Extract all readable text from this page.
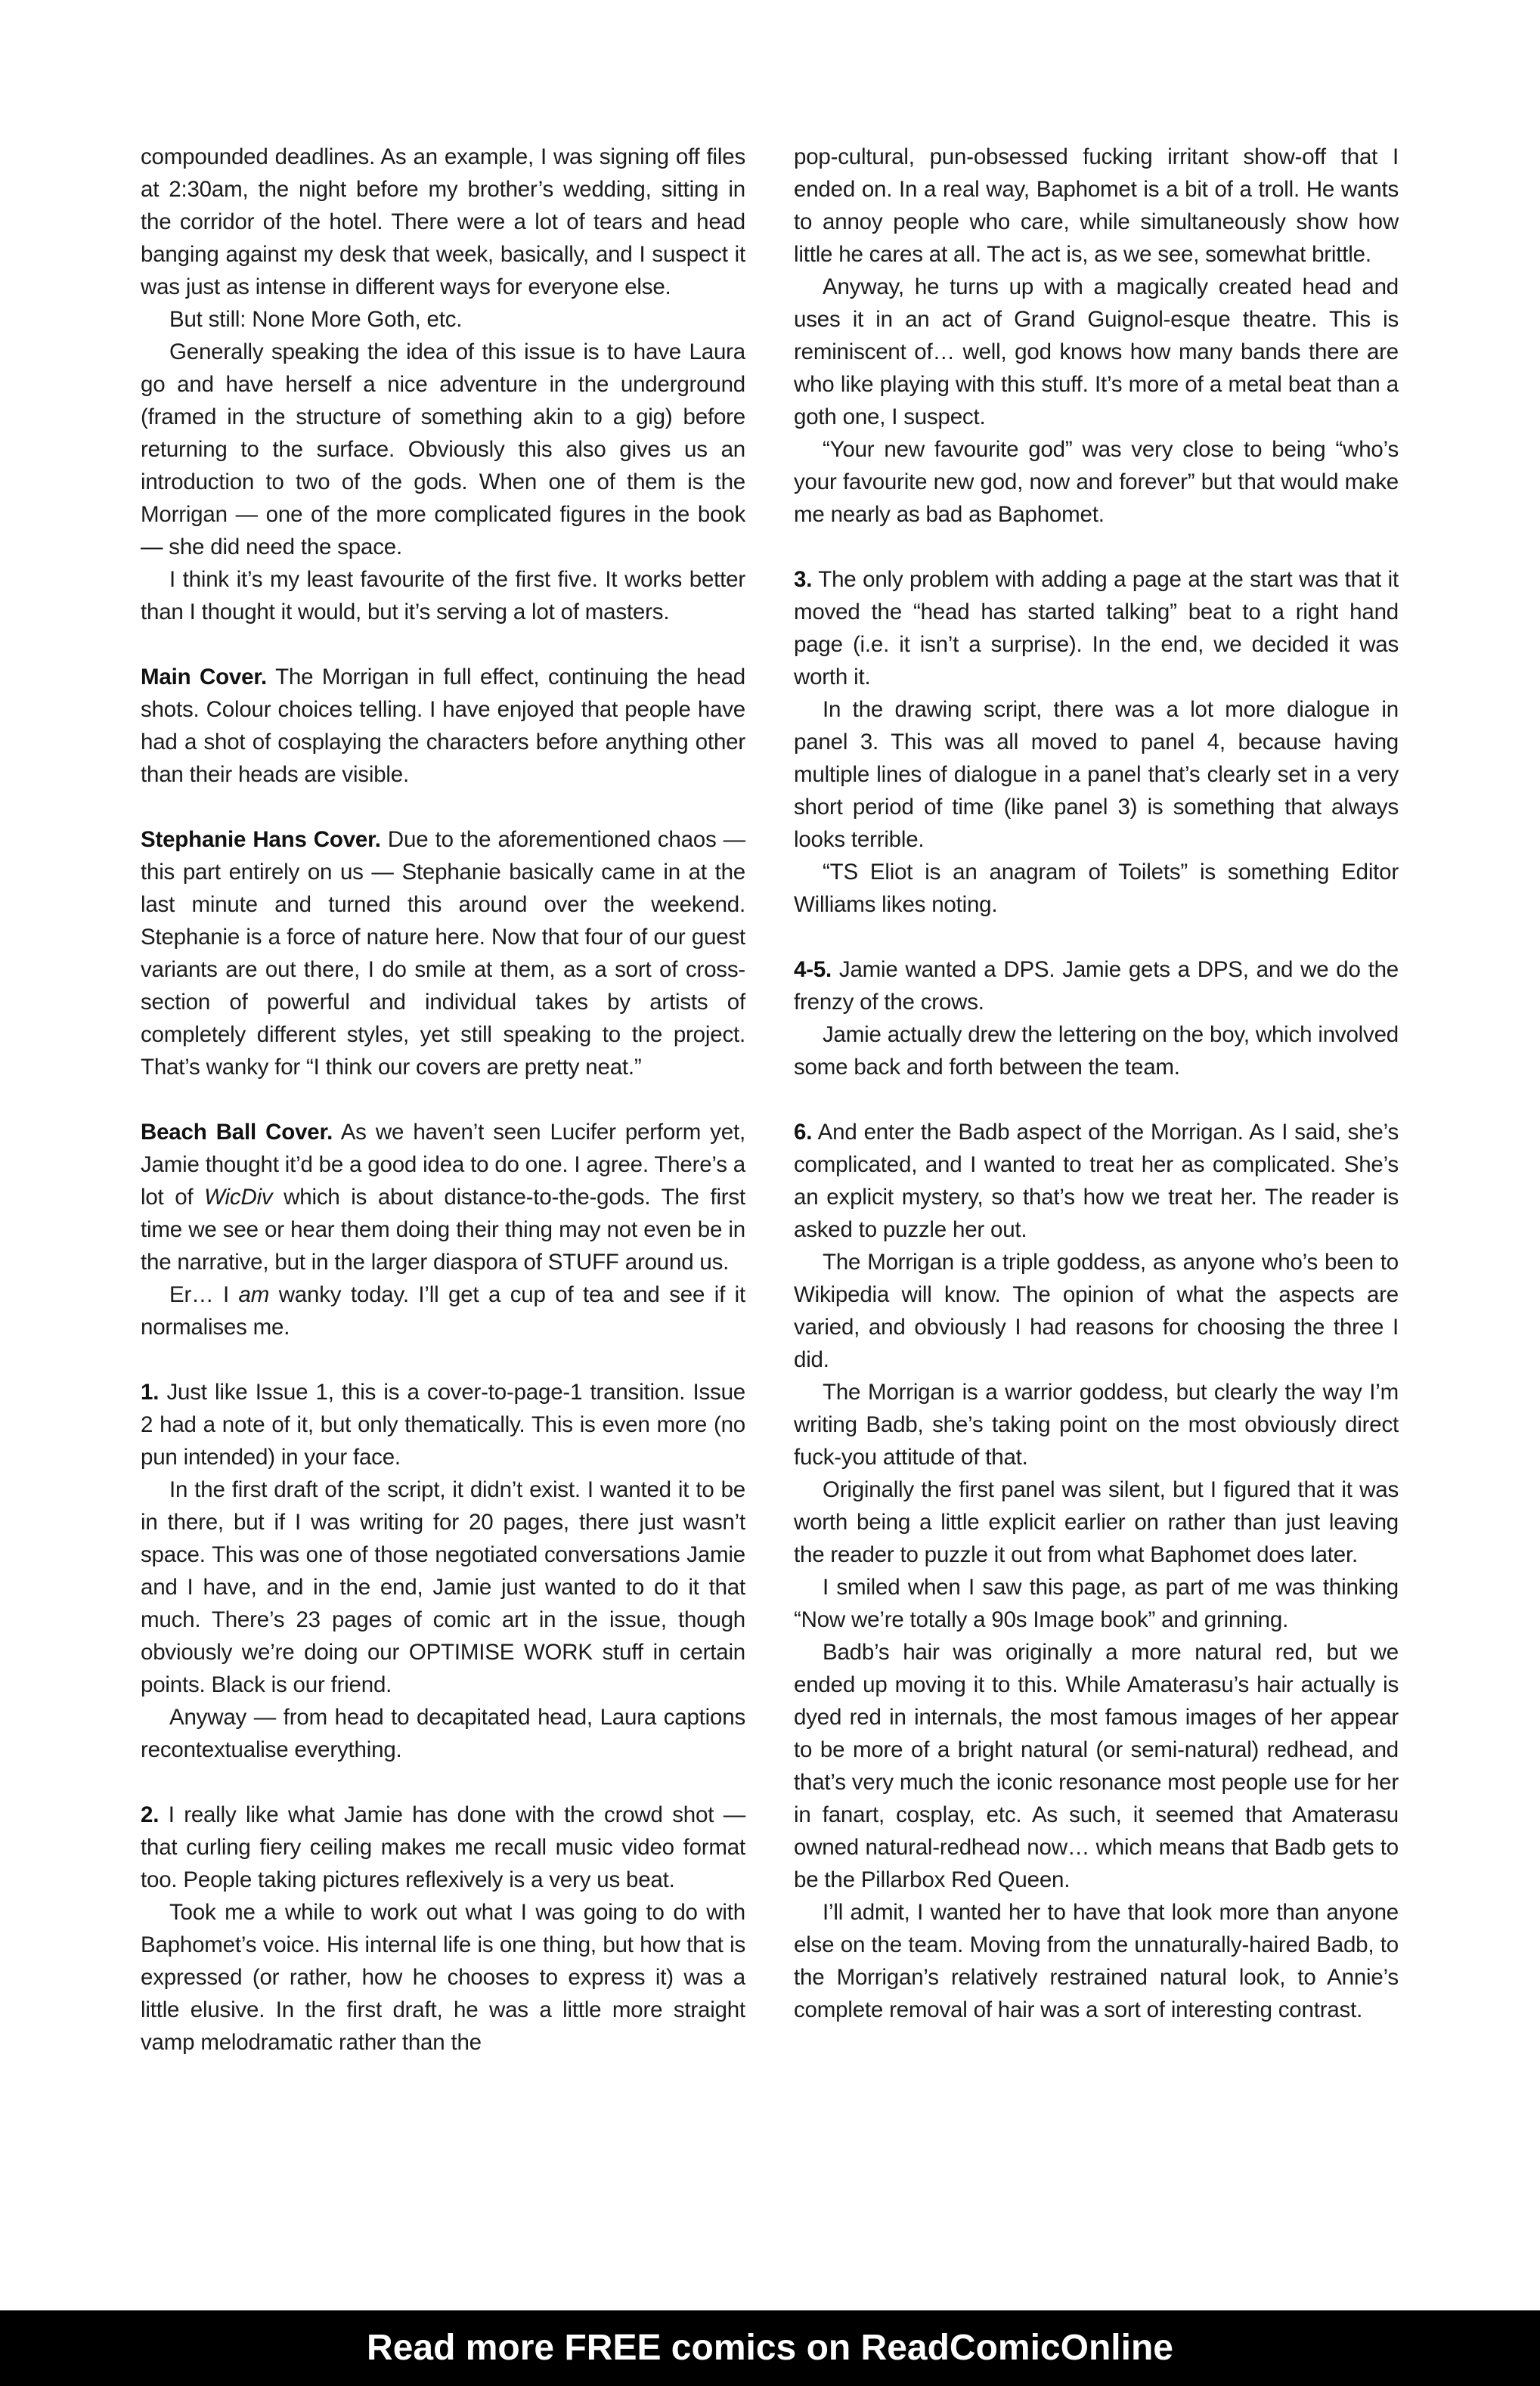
compounded deadlines. As an example, I was signing off files at 2:30am, the night before my brother’s wedding, sitting in the corridor of the hotel. There were a lot of tears and head banging against my desk that week, basically, and I suspect it was just as intense in different ways for everyone else.

But still: None More Goth, etc.

Generally speaking the idea of this issue is to have Laura go and have herself a nice adventure in the underground (framed in the structure of something akin to a gig) before returning to the surface. Obviously this also gives us an introduction to two of the gods. When one of them is the Morrigan — one of the more complicated figures in the book — she did need the space.

I think it’s my least favourite of the first five. It works better than I thought it would, but it’s serving a lot of masters.

Main Cover. The Morrigan in full effect, continuing the head shots. Colour choices telling. I have enjoyed that people have had a shot of cosplaying the characters before anything other than their heads are visible.

Stephanie Hans Cover. Due to the aforementioned chaos — this part entirely on us — Stephanie basically came in at the last minute and turned this around over the weekend. Stephanie is a force of nature here. Now that four of our guest variants are out there, I do smile at them, as a sort of cross-section of powerful and individual takes by artists of completely different styles, yet still speaking to the project. That’s wanky for “I think our covers are pretty neat.”

Beach Ball Cover. As we haven’t seen Lucifer perform yet, Jamie thought it’d be a good idea to do one. I agree. There’s a lot of WicDiv which is about distance-to-the-gods. The first time we see or hear them doing their thing may not even be in the narrative, but in the larger diaspora of STUFF around us.

Er… I am wanky today. I’ll get a cup of tea and see if it normalises me.

1. Just like Issue 1, this is a cover-to-page-1 transition. Issue 2 had a note of it, but only thematically. This is even more (no pun intended) in your face.

In the first draft of the script, it didn’t exist. I wanted it to be in there, but if I was writing for 20 pages, there just wasn’t space. This was one of those negotiated conversations Jamie and I have, and in the end, Jamie just wanted to do it that much. There’s 23 pages of comic art in the issue, though obviously we’re doing our OPTIMISE WORK stuff in certain points. Black is our friend.

Anyway — from head to decapitated head, Laura captions recontextualise everything.

2. I really like what Jamie has done with the crowd shot — that curling fiery ceiling makes me recall music video format too. People taking pictures reflexively is a very us beat.

Took me a while to work out what I was going to do with Baphomet’s voice. His internal life is one thing, but how that is expressed (or rather, how he chooses to express it) was a little elusive. In the first draft, he was a little more straight vamp melodramatic rather than the

pop-cultural, pun-obsessed fucking irritant show-off that I ended on. In a real way, Baphomet is a bit of a troll. He wants to annoy people who care, while simultaneously show how little he cares at all. The act is, as we see, somewhat brittle.

Anyway, he turns up with a magically created head and uses it in an act of Grand Guignol-esque theatre. This is reminiscent of… well, god knows how many bands there are who like playing with this stuff. It’s more of a metal beat than a goth one, I suspect.

“Your new favourite god” was very close to being “who’s your favourite new god, now and forever” but that would make me nearly as bad as Baphomet.

3. The only problem with adding a page at the start was that it moved the “head has started talking” beat to a right hand page (i.e. it isn’t a surprise). In the end, we decided it was worth it.

In the drawing script, there was a lot more dialogue in panel 3. This was all moved to panel 4, because having multiple lines of dialogue in a panel that’s clearly set in a very short period of time (like panel 3) is something that always looks terrible.

“TS Eliot is an anagram of Toilets” is something Editor Williams likes noting.

4-5. Jamie wanted a DPS. Jamie gets a DPS, and we do the frenzy of the crows.

Jamie actually drew the lettering on the boy, which involved some back and forth between the team.

6. And enter the Badb aspect of the Morrigan. As I said, she’s complicated, and I wanted to treat her as complicated. She’s an explicit mystery, so that’s how we treat her. The reader is asked to puzzle her out.

The Morrigan is a triple goddess, as anyone who’s been to Wikipedia will know. The opinion of what the aspects are varied, and obviously I had reasons for choosing the three I did.

The Morrigan is a warrior goddess, but clearly the way I’m writing Badb, she’s taking point on the most obviously direct fuck-you attitude of that.

Originally the first panel was silent, but I figured that it was worth being a little explicit earlier on rather than just leaving the reader to puzzle it out from what Baphomet does later.

I smiled when I saw this page, as part of me was thinking “Now we’re totally a 90s Image book” and grinning.

Badb’s hair was originally a more natural red, but we ended up moving it to this. While Amaterasu’s hair actually is dyed red in internals, the most famous images of her appear to be more of a bright natural (or semi-natural) redhead, and that’s very much the iconic resonance most people use for her in fanart, cosplay, etc. As such, it seemed that Amaterasu owned natural-redhead now… which means that Badb gets to be the Pillarbox Red Queen.

I’ll admit, I wanted her to have that look more than anyone else on the team. Moving from the unnaturally-haired Badb, to the Morrigan’s relatively restrained natural look, to Annie’s complete removal of hair was a sort of interesting contrast.

Read more FREE comics on ReadComicOnline
